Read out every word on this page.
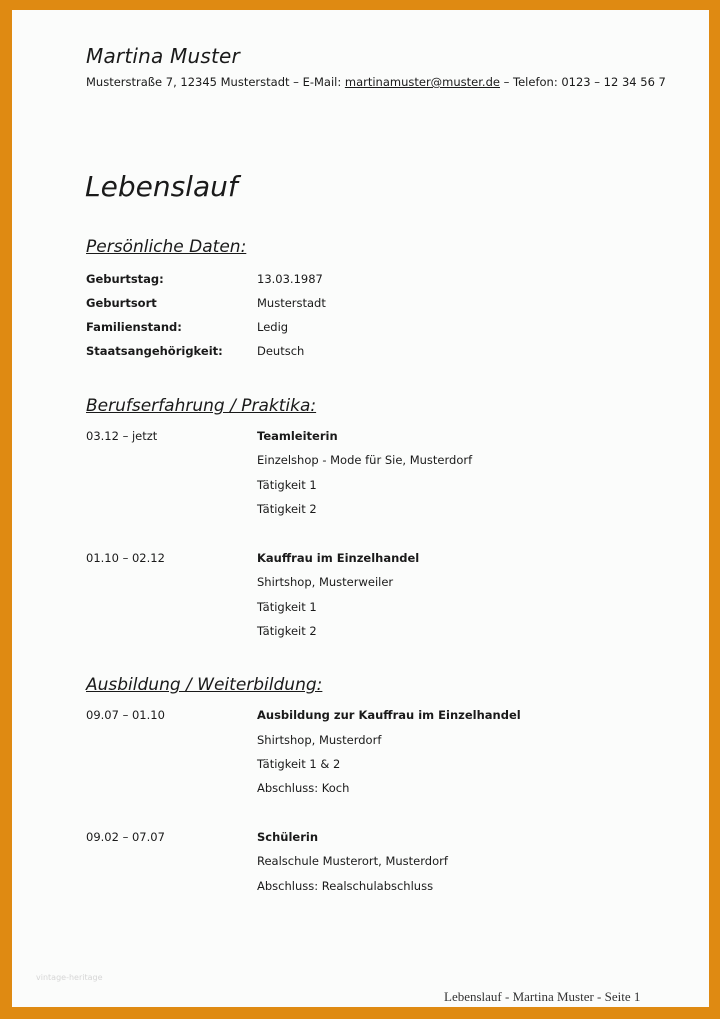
Martina Muster
Musterstraße 7, 12345 Musterstadt – E-Mail: martinamuster@muster.de – Telefon: 0123 – 12 34 56 7
Lebenslauf
Persönliche Daten:
Geburtstag:	13.03.1987
Geburtsort	Musterstadt
Familienstand:	Ledig
Staatsangehörigkeit:	Deutsch
Berufserfahrung / Praktika:
03.12 – jetzt	Teamleiterin
Einzelshop - Mode für Sie, Musterdorf
Tätigkeit 1
Tätigkeit 2
01.10 – 02.12	Kauffrau im Einzelhandel
Shirtshop, Musterweiler
Tätigkeit 1
Tätigkeit 2
Ausbildung / Weiterbildung:
09.07 – 01.10	Ausbildung zur Kauffrau im Einzelhandel
Shirtshop, Musterdorf
Tätigkeit 1 & 2
Abschluss: Koch
09.02 – 07.07	Schülerin
Realschule Musterort, Musterdorf
Abschluss: Realschulabschluss
vintage-heritage
Lebenslauf - Martina Muster - Seite 1
